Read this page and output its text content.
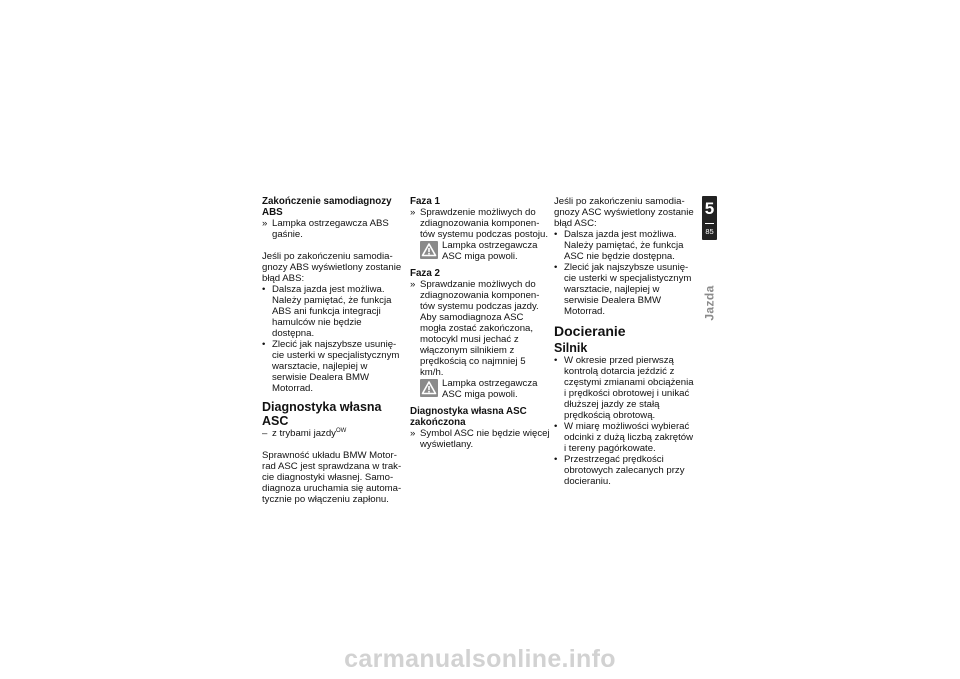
Zakończenie samodiagnozy ABS
» Lampka ostrzegawcza ABS gaśnie.

Jeśli po zakończeniu samodiagnozy ABS wyświetlony zostanie błąd ABS:

• Dalsza jazda jest możliwa. Należy pamiętać, że funkcja ABS ani funkcja integracji hamulców nie będzie dostępna.

• Zlecić jak najszybsze usunięcie usterki w specjalistycznym warsztacie, najlepiej w serwisie Dealera BMW Motorrad.

Diagnostyka własna ASC
– z trybami jazdy$^{OW}$

Sprawność układu BMW Motorrad ASC jest sprawdzana w trakcie diagnostyki własnej. Samodiagnoza uruchamia się automatycznie po włączeniu zapłonu.

Faza 1
» Sprawdzenie możliwych do zdiagnozowania komponentów systemu podczas postoju.

Lampka ostrzegawcza ASC miga powoli.

Faza 2
» Sprawdzanie możliwych do zdiagnozowania komponentów systemu podczas jazdy. Aby samodiagnoza ASC mogła zostać zakończona, motocykl musi jechać z włączonym silnikiem z prędkością co najmniej 5 km/h.

Lampka ostrzegawcza ASC miga powoli.

Diagnostyka własna ASC zakończona
» Symbol ASC nie będzie więcej wyświetlany.

Jeśli po zakończeniu samodiagnozy ASC wyświetlony zostanie błąd ASC:

• Dalsza jazda jest możliwa. Należy pamiętać, że funkcja ASC nie będzie dostępna.

• Zlecić jak najszybsze usunięcie usterki w specjalistycznym warsztacie, najlepiej w serwisie Dealera BMW Motorrad.

Docieranie
Silnik
• W okresie przed pierwszą kontrolą dotarcia jeździć z częstymi zmianami obciążenia i prędkości obrotowej i unikać dłuższej jazdy ze stałą prędkością obrotową.

• W miarę możliwości wybierać odcinki z dużą liczbą zakrętów i tereny pagórkowate.

• Przestrzegać prędkości obrotowych zalecanych przy docieraniu.

5
85
Jazda
carmanualsonline.info
